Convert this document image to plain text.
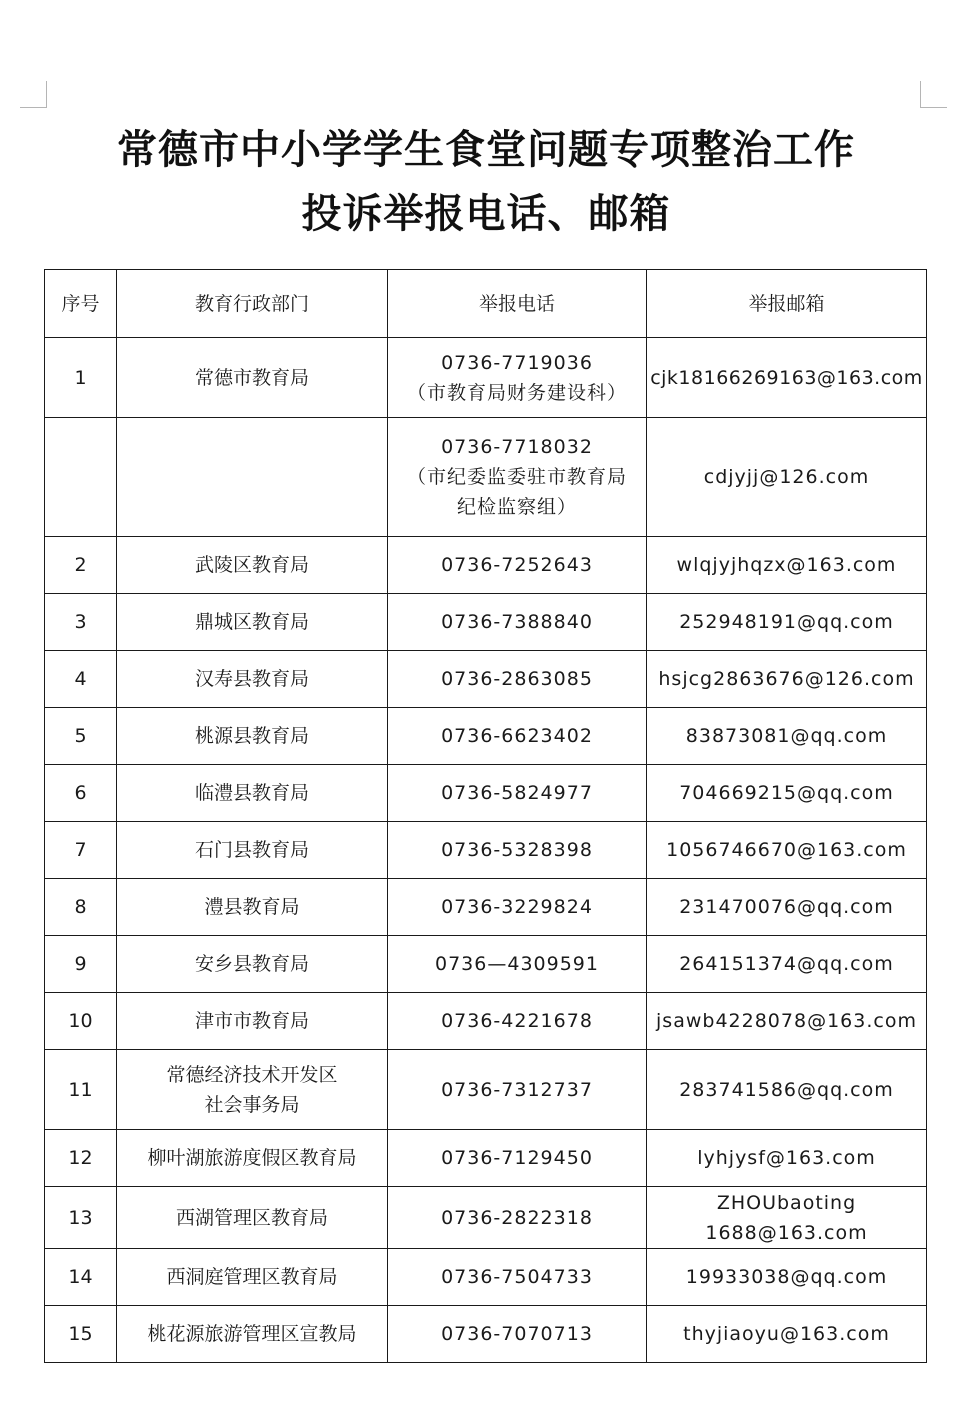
常德市中小学学生食堂问题专项整治工作
投诉举报电话、邮箱
序号	教育行政部门	举报电话	举报邮箱
1	常德市教育局	0736-7719036
（市教育局财务建设科）	cjk18166269163@163.com

		0736-7718032
（市纪委监委驻市教育局
纪检监察组）	cdjyjj@126.com
2	武陵区教育局	0736-7252643	wlqjyjhqzx@163.com
3	鼎城区教育局	0736-7388840	252948191@qq.com
4	汉寿县教育局	0736-2863085	hsjcg2863676@126.com
5	桃源县教育局	0736-6623402	83873081@qq.com
6	临澧县教育局	0736-5824977	704669215@qq.com
7	石门县教育局	0736-5328398	1056746670@163.com
8	澧县教育局	0736-3229824	231470076@qq.com
9	安乡县教育局	0736—4309591	264151374@qq.com
10	津市市教育局	0736-4221678	jsawb4228078@163.com
11	常德经济技术开发区
社会事务局	0736-7312737	283741586@qq.com
12	柳叶湖旅游度假区教育局	0736-7129450	lyhjysf@163.com
13	西湖管理区教育局	0736-2822318	ZHOUbaoting
1688@163.com

14	西洞庭管理区教育局	0736-7504733	19933038@qq.com
15	桃花源旅游管理区宣教局	0736-7070713	thyjiaoyu@163.com
